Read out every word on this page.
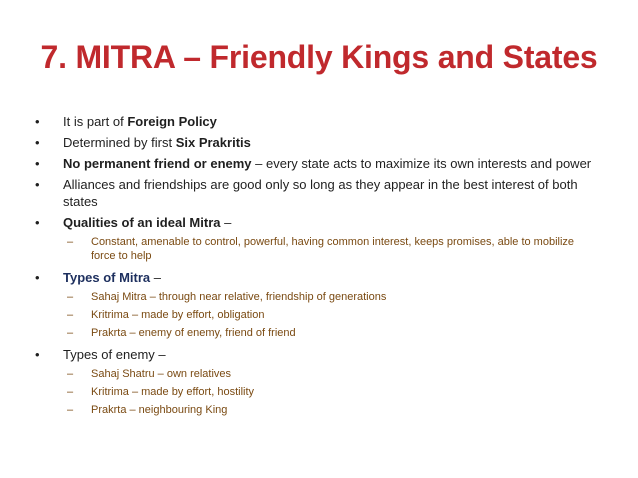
7. MITRA – Friendly Kings and States
• It is part of Foreign Policy
• Determined by first Six Prakritis
• No permanent friend or enemy – every state acts to maximize its own interests and power
• Alliances and friendships are good only so long as they appear in the best interest of both states
• Qualities of an ideal Mitra –
– Constant, amenable to control, powerful, having common interest, keeps promises, able to mobilize force to help
• Types of Mitra –
– Sahaj Mitra – through near relative, friendship of generations
– Kritrima – made by effort, obligation
– Prakrta – enemy of enemy, friend of friend
• Types of enemy –
– Sahaj Shatru – own relatives
– Kritrima – made by effort, hostility
– Prakrta – neighbouring King
